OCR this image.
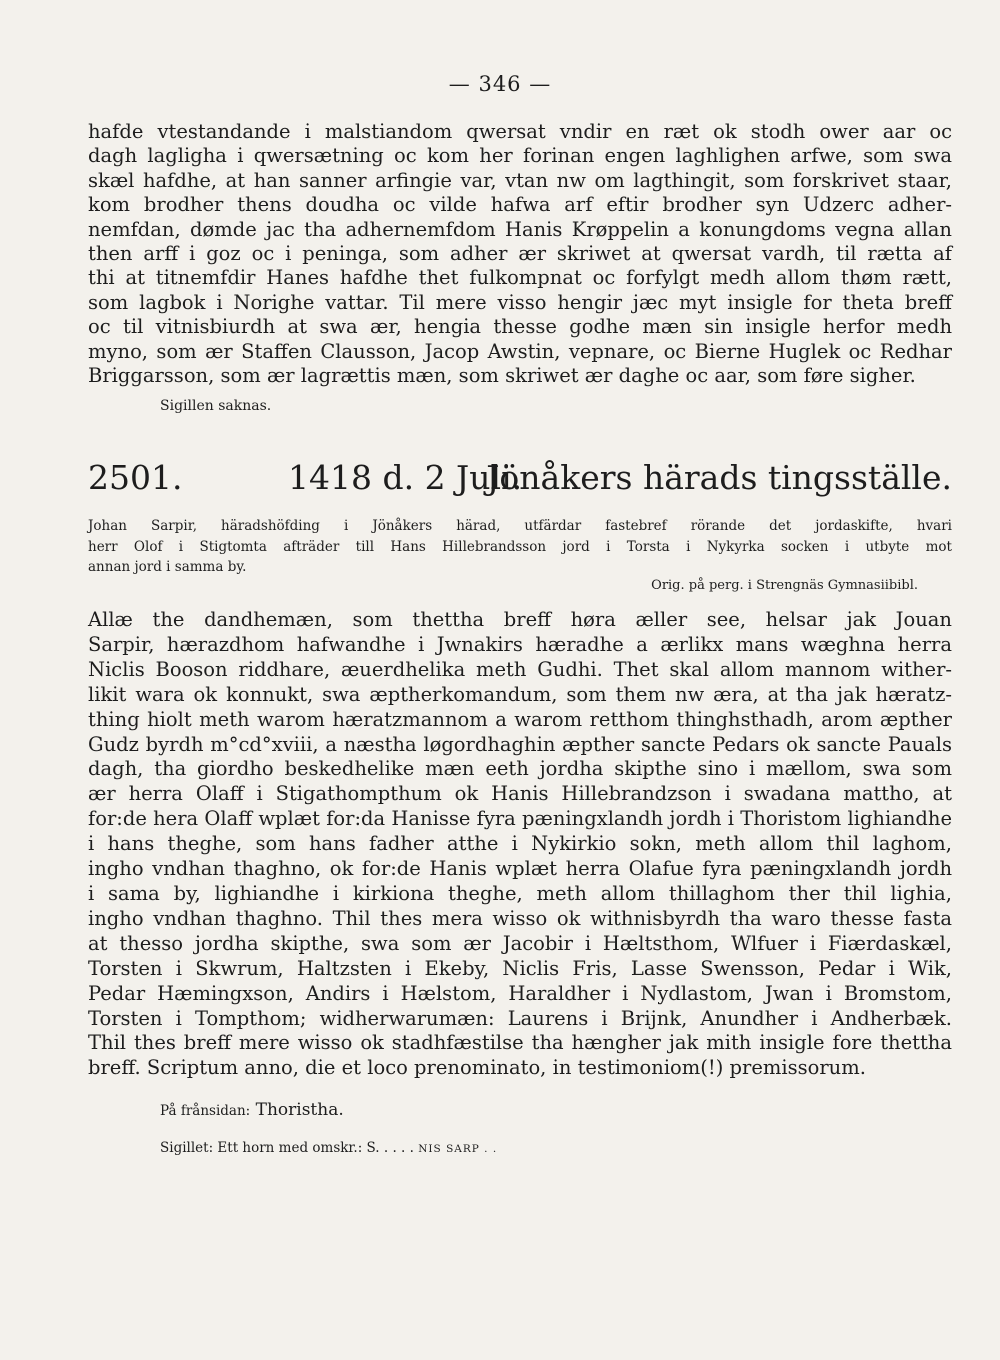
— 346 —
hafde vtestandande i malstiandom qwersat vndir en ræt ok stodh ower aar oc
dagh lagligha i qwersætning oc kom her forinan engen laghlighen arfwe, som swa
skæl hafdhe, at han sanner arfingie var, vtan nw om lagthingit, som forskrivet staar,
kom brodher thens doudha oc vilde hafwa arf eftir brodher syn Udzerc adher-
nemfdan, dømde jac tha adhernemfdom Hanis Krøppelin a konungdoms vegna allan
then arff i goz oc i peninga, som adher ær skriwet at qwersat vardh, til rætta af
thi at titnemfdir Hanes hafdhe thet fulkompnat oc forfylgt medh allom thøm rætt,
som lagbok i Norighe vattar. Til mere visso hengir jæc myt insigle for theta breff
oc til vitnisbiurdh at swa ær, hengia thesse godhe mæn sin insigle herfor medh
myno, som ær Staffen Clausson, Jacop Awstin, vepnare, oc Bierne Huglek oc Redhar
Briggarsson, som ær lagrættis mæn, som skriwet ær daghe oc aar, som føre sigher.
Sigillen saknas.
2501.	1418 d. 2 Juli.
Jönåkers härads tingsställe.
Johan Sarpir, häradshöfding i Jönåkers härad, utfärdar fastebref rörande det jordaskifte, hvari
herr Olof i Stigtomta afträder till Hans Hillebrandsson jord i Torsta i Nykyrka socken i utbyte mot
annan jord i samma by.
Orig. på perg. i Strengnäs Gymnasiibibl.
Allæ the dandhemæn, som thettha breff høra æller see, helsar jak Jouan
Sarpir, hærazdhom hafwandhe i Jwnakirs hæradhe a ærlikx mans wæghna herra
Niclis Booson riddhare, æuerdhelika meth Gudhi. Thet skal allom mannom wither-
likit wara ok konnukt, swa æptherkomandum, som them nw æra, at tha jak hæratz-
thing hiolt meth warom hæratzmannom a warom retthom thinghsthadh, arom æpther
Gudz byrdh m°cd°xviii, a næstha løgordhaghin æpther sancte Pedars ok sancte Pauals
dagh, tha giordho beskedhelike mæn eeth jordha skipthe sino i mællom, swa som
ær herra Olaff i Stigathompthum ok Hanis Hillebrandzson i swadana mattho, at
for:de hera Olaff wplæt for:da Hanisse fyra pæningxlandh jordh i Thoristom lighiandhe
i hans theghe, som hans fadher atthe i Nykirkio sokn, meth allom thil laghom,
ingho vndhan thaghno, ok for:de Hanis wplæt herra Olafue fyra pæningxlandh jordh
i sama by, lighiandhe i kirkiona theghe, meth allom thillaghom ther thil lighia,
ingho vndhan thaghno. Thil thes mera wisso ok withnisbyrdh tha waro thesse fasta
at thesso jordha skipthe, swa som ær Jacobir i Hæltsthom, Wlfuer i Fiærdaskæl,
Torsten i Skwrum, Haltzsten i Ekeby, Niclis Fris, Lasse Swensson, Pedar i Wik,
Pedar Hæmingxson, Andirs i Hælstom, Haraldher i Nydlastom, Jwan i Bromstom,
Torsten i Tompthom; widherwarumæn: Laurens i Brijnk, Anundher i Andherbæk.
Thil thes breff mere wisso ok stadhfæstilse tha hængher jak mith insigle fore thettha
breff. Scriptum anno, die et loco prenominato, in testimoniom(!) premissorum.
På frånsidan: Thoristha.
Sigillet: Ett horn med omskr.: S. . . . . NIS SARP . .
